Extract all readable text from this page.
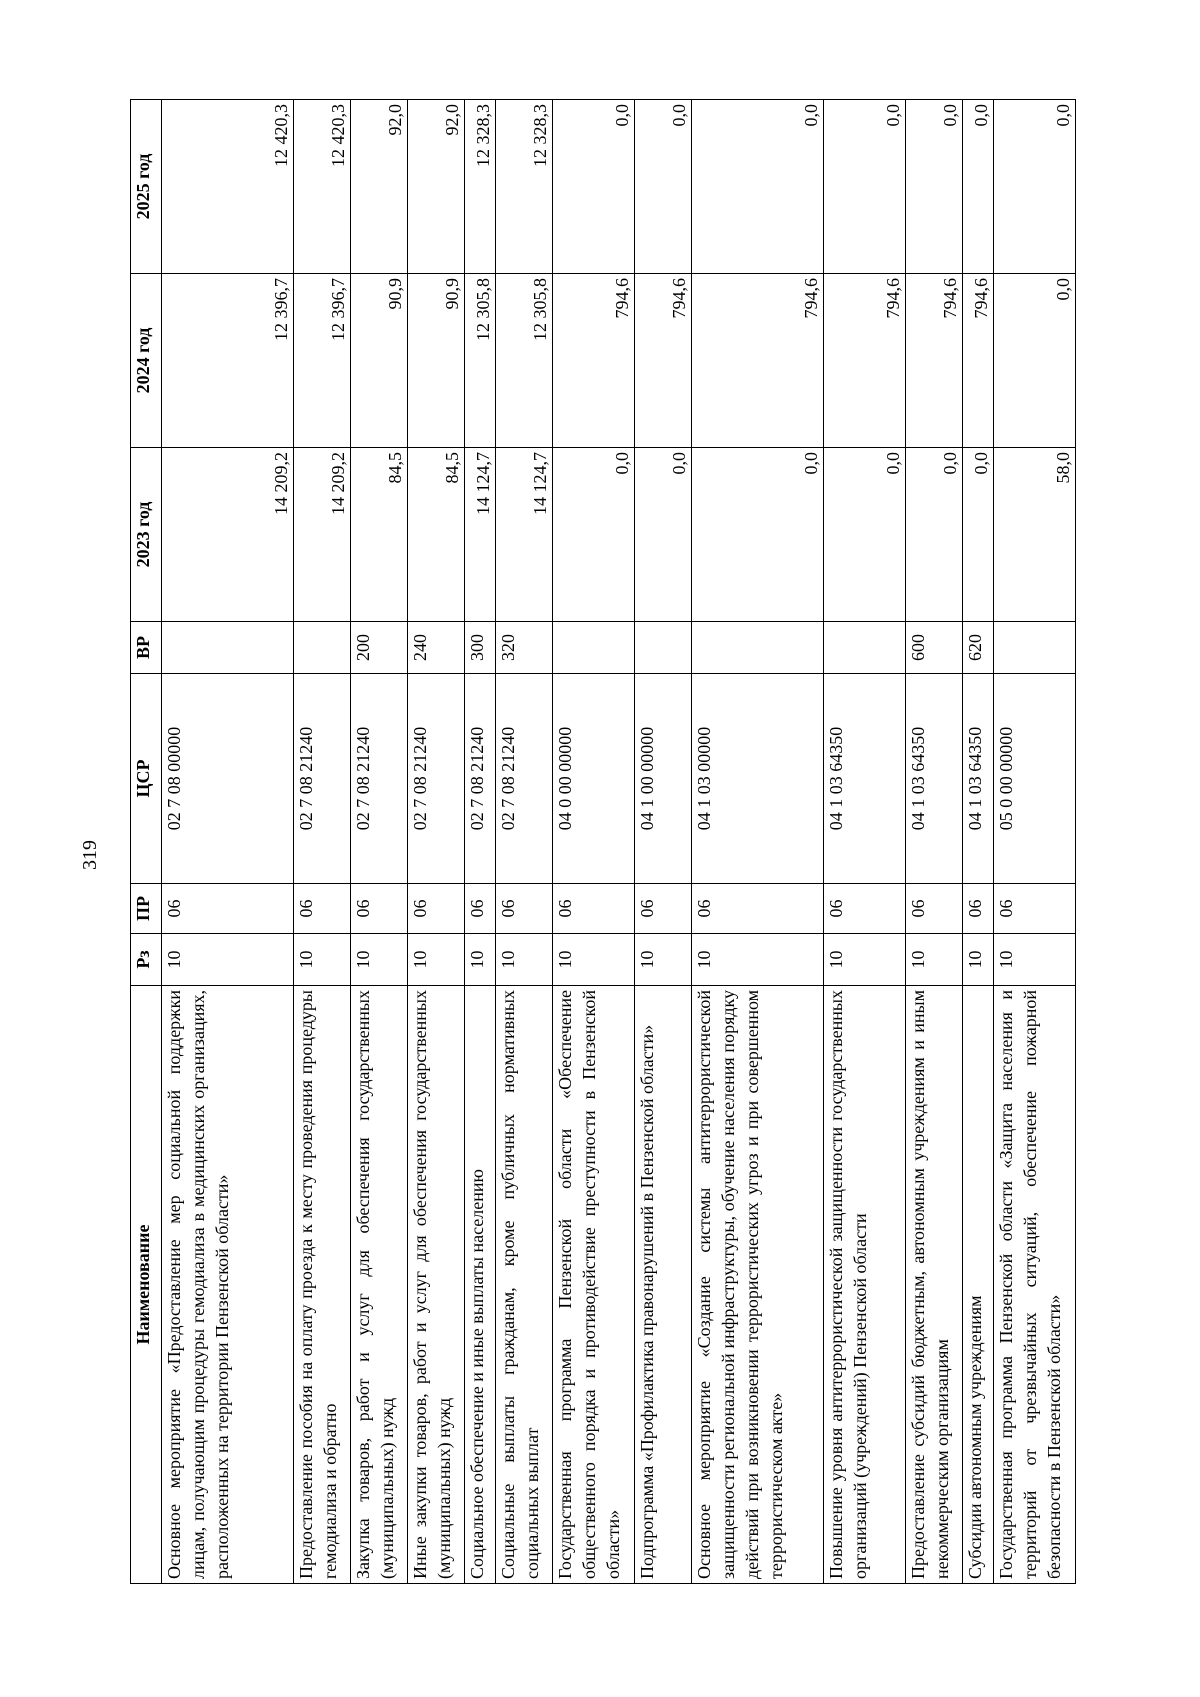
319
Наименование	Рз	ПР	ЦСР	ВР	2023 год	2024 год	2025 год
Основное мероприятие «Предоставление мер социальной поддержки лицам, получающим процедуры гемодиализа в медицинских организациях, расположенных на территории Пензенской области»	10	06	02 7 08 00000		14 209,2	12 396,7	12 420,3
Предоставление пособия на оплату проезда к месту проведения процедуры гемодиализа и обратно	10	06	02 7 08 21240		14 209,2	12 396,7	12 420,3
Закупка товаров, работ и услуг для обеспечения государственных (муниципальных) нужд	10	06	02 7 08 21240	200	84,5	90,9	92,0
Иные закупки товаров, работ и услуг для обеспечения государственных (муниципальных) нужд	10	06	02 7 08 21240	240	84,5	90,9	92,0
Социальное обеспечение и иные выплаты населению	10	06	02 7 08 21240	300	14 124,7	12 305,8	12 328,3
Социальные выплаты гражданам, кроме публичных нормативных социальных выплат	10	06	02 7 08 21240	320	14 124,7	12 305,8	12 328,3
Государственная программа Пензенской области «Обеспечение общественного порядка и противодействие преступности в Пензенской области»	10	06	04 0 00 00000		0,0	794,6	0,0
Подпрограмма «Профилактика правонарушений в Пензенской области»	10	06	04 1 00 00000		0,0	794,6	0,0
Основное мероприятие «Создание системы антитеррористической защищенности региональной инфраструктуры, обучение населения порядку действий при возникновении террористических угроз и при совершенном террористическом акте»	10	06	04 1 03 00000		0,0	794,6	0,0
Повышение уровня антитеррористической защищенности государственных организаций (учреждений) Пензенской области	10	06	04 1 03 64350		0,0	794,6	0,0
Предоставление субсидий бюджетным, автономным учреждениям и иным некоммерческим организациям	10	06	04 1 03 64350	600	0,0	794,6	0,0
Субсидии автономным учреждениям	10	06	04 1 03 64350	620	0,0	794,6	0,0
Государственная программа Пензенской области «Защита населения и территорий от чрезвычайных ситуаций, обеспечение пожарной безопасности в Пензенской области»	10	06	05 0 00 00000		58,0	0,0	0,0
